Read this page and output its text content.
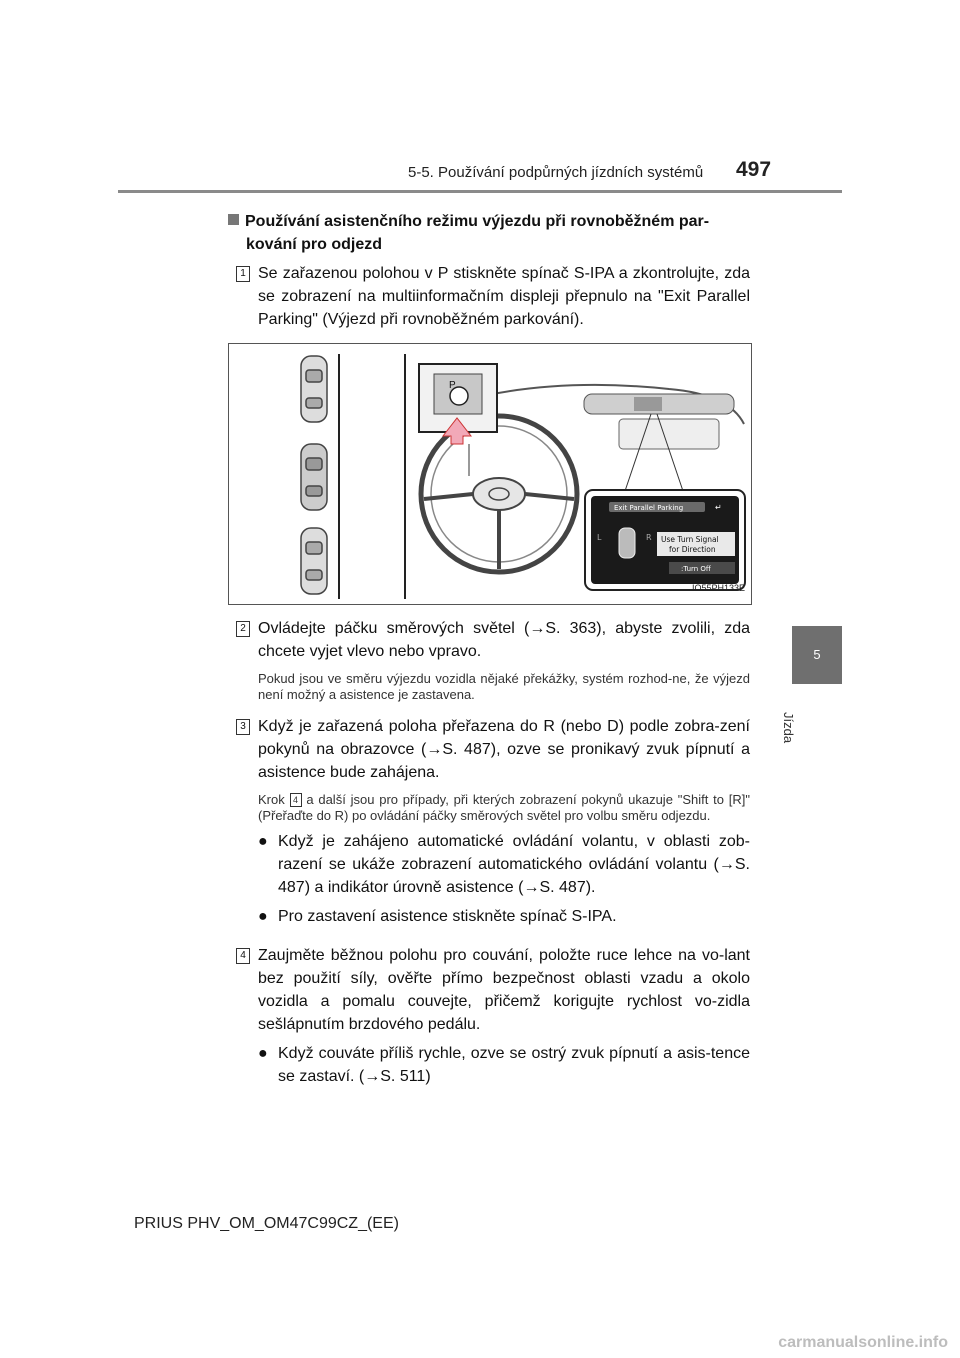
5-5. Používání podpůrných jízdních systémů 497
5
Jízda
Používání asistenčního režimu výjezdu při rovnoběžném par-
kování pro odjezd
1 Se zařazenou polohou v P stiskněte spínač S-IPA a zkontrolujte, zda se zobrazení na multiinformačním displeji přepnulo na "Exit Parallel Parking" (Výjezd při rovnoběžném parkování).
P
Exit Parallel Parking	↵
L	R Use Turn Signal
for Direction
:Turn Off
IO55PH133E
2 Ovládejte páčku směrových světel (→S. 363), abyste zvolili, zda chcete vyjet vlevo nebo vpravo.
Pokud jsou ve směru výjezdu vozidla nějaké překážky, systém rozhod-ne, že výjezd není možný a asistence je zastavena.
3 Když je zařazená poloha přeřazena do R (nebo D) podle zobra-zení pokynů na obrazovce (→S. 487), ozve se pronikavý zvuk pípnutí a asistence bude zahájena.
Krok 4 a další jsou pro případy, při kterých zobrazení pokynů ukazuje "Shift to [R]" (Přeřaďte do R) po ovládání páčky směrových světel pro volbu směru odjezdu.
● Když je zahájeno automatické ovládání volantu, v oblasti zob-razení se ukáže zobrazení automatického ovládání volantu (→S. 487) a indikátor úrovně asistence (→S. 487).
● Pro zastavení asistence stiskněte spínač S-IPA.
4 Zaujměte běžnou polohu pro couvání, položte ruce lehce na vo-lant bez použití síly, ověřte přímo bezpečnost oblasti vzadu a okolo vozidla a pomalu couvejte, přičemž korigujte rychlost vo-zidla sešlápnutím brzdového pedálu.
● Když couváte příliš rychle, ozve se ostrý zvuk pípnutí a asis-tence se zastaví. (→S. 511)
PRIUS PHV_OM_OM47C99CZ_(EE)
carmanualsonline.info
